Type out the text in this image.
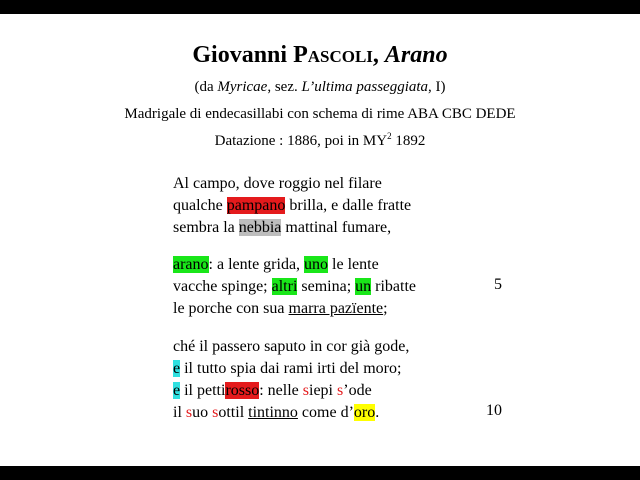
Giovanni Pascoli, Arano
(da Myricae, sez. L’ultima passeggiata, I)
Madrigale di endecasillabi con schema di rime ABA CBC DEDE
Datazione : 1886, poi in $MY^2$ 1892
Al campo, dove roggio nel filare
qualche pampano brilla, e dalle fratte
sembra la nebbia mattinal fumare,
arano: a lente grida, uno le lente
vacche spinge; altri semina; un ribatte
le porche con sua marra pazïente;
5
ché il passero saputo in cor già gode,
e il tutto spia dai rami irti del moro;
e il pettirosso: nelle siepi s’ode
il suo sottil tintinno come d’oro.	10
